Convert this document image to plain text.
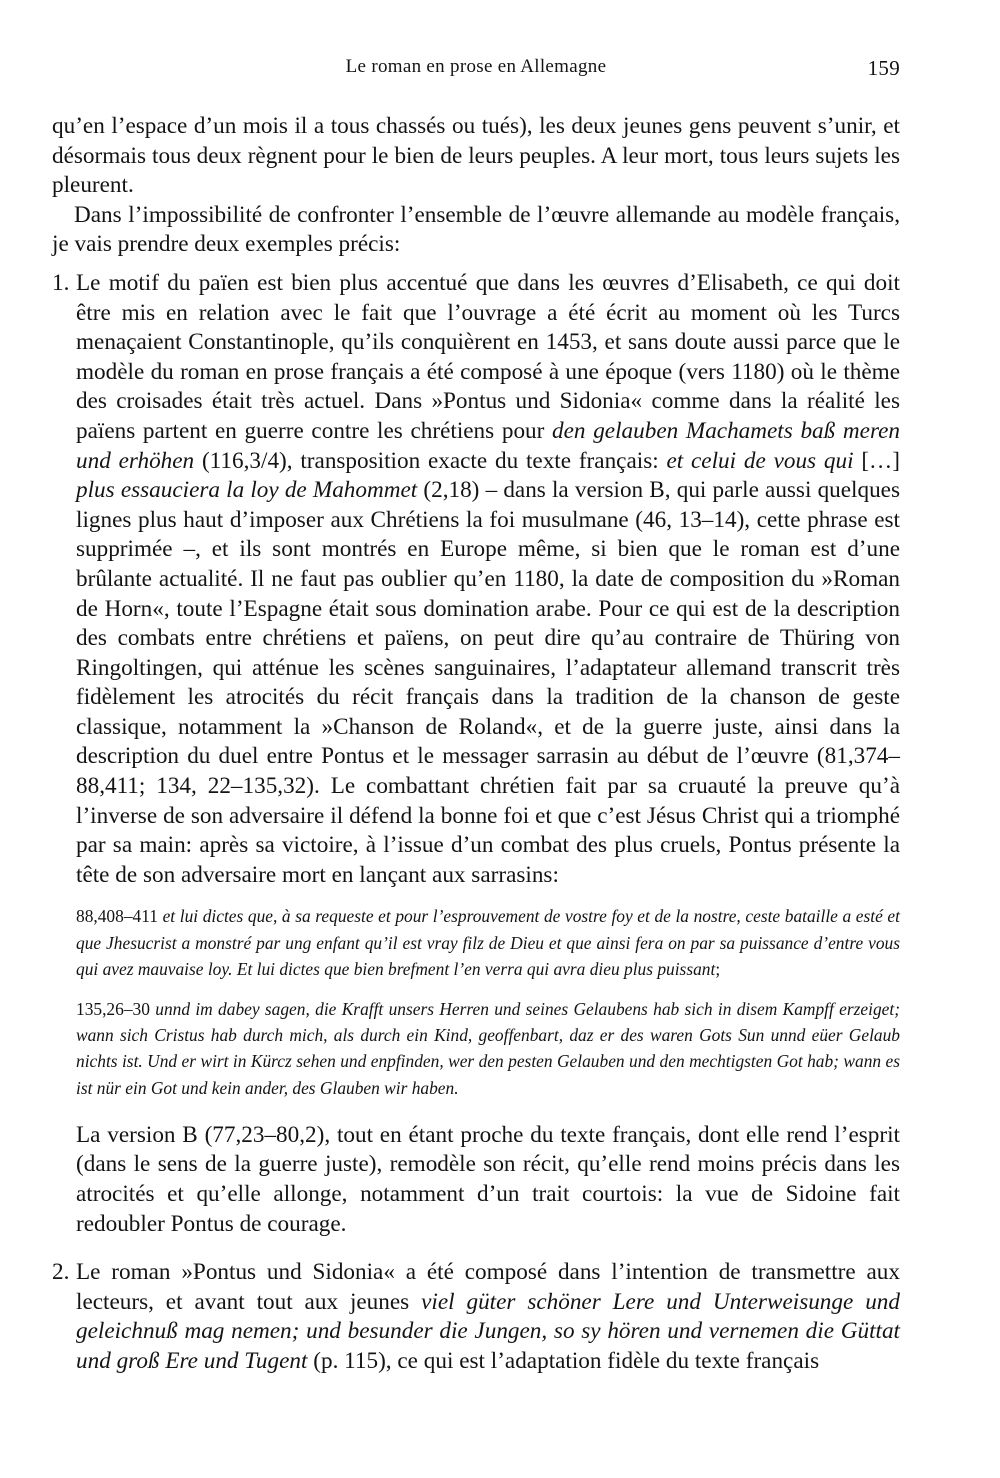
Le roman en prose en Allemagne	159

qu’en l’espace d’un mois il a tous chassés ou tués), les deux jeunes gens peuvent s’unir, et désormais tous deux règnent pour le bien de leurs peuples. A leur mort, tous leurs sujets les pleurent.

Dans l’impossibilité de confronter l’ensemble de l’œuvre allemande au modèle français, je vais prendre deux exemples précis:

1. Le motif du païen est bien plus accentué que dans les œuvres d’Elisabeth, ce qui doit être mis en relation avec le fait que l’ouvrage a été écrit au moment où les Turcs menaçaient Constantinople, qu’ils conquièrent en 1453, et sans doute aussi parce que le modèle du roman en prose français a été composé à une époque (vers 1180) où le thème des croisades était très actuel. Dans »Pontus und Sidonia« comme dans la réalité les païens partent en guerre contre les chrétiens pour den gelauben Machamets baß meren und erhöhen (116,3/4), transposition exacte du texte français: et celui de vous qui […] plus essauciera la loy de Mahommet (2,18) – dans la version B, qui parle aussi quelques lignes plus haut d’imposer aux Chrétiens la foi musulmane (46, 13–14), cette phrase est supprimée –, et ils sont montrés en Europe même, si bien que le roman est d’une brûlante actualité. Il ne faut pas oublier qu’en 1180, la date de composition du »Roman de Horn«, toute l’Espagne était sous domination arabe. Pour ce qui est de la description des combats entre chrétiens et païens, on peut dire qu’au contraire de Thüring von Ringoltingen, qui atténue les scènes sanguinaires, l’adaptateur allemand transcrit très fidèlement les atrocités du récit français dans la tradition de la chanson de geste classique, notamment la »Chanson de Roland«, et de la guerre juste, ainsi dans la description du duel entre Pontus et le messager sarrasin au début de l’œuvre (81,374–88,411; 134, 22–135,32). Le combattant chrétien fait par sa cruauté la preuve qu’à l’inverse de son adversaire il défend la bonne foi et que c’est Jésus Christ qui a triomphé par sa main: après sa victoire, à l’issue d’un combat des plus cruels, Pontus présente la tête de son adversaire mort en lançant aux sarrasins:

88,408–411 et lui dictes que, à sa requeste et pour l’esprouvement de vostre foy et de la nostre, ceste bataille a esté et que Jhesucrist a monstré par ung enfant qu’il est vray filz de Dieu et que ainsi fera on par sa puissance d’entre vous qui avez mauvaise loy. Et lui dictes que bien brefment l’en verra qui avra dieu plus puissant;
135,26–30 unnd im dabey sagen, die Krafft unsers Herren und seines Gelaubens hab sich in disem Kampff erzeiget; wann sich Cristus hab durch mich, als durch ein Kind, geoffenbart, daz er des waren Gots Sun unnd eüer Gelaub nichts ist. Und er wirt in Kürcz sehen und enpfinden, wer den pesten Gelauben und den mechtigsten Got hab; wann es ist nür ein Got und kein ander, des Glauben wir haben.

La version B (77,23–80,2), tout en étant proche du texte français, dont elle rend l’esprit (dans le sens de la guerre juste), remodèle son récit, qu’elle rend moins précis dans les atrocités et qu’elle allonge, notamment d’un trait courtois: la vue de Sidoine fait redoubler Pontus de courage.

2. Le roman »Pontus und Sidonia« a été composé dans l’intention de transmettre aux lecteurs, et avant tout aux jeunes viel güter schöner Lere und Unterweisunge und geleichnuß mag nemen; und besunder die Jungen, so sy hören und vernemen die Güttat und groß Ere und Tugent (p. 115), ce qui est l’adaptation fidèle du texte français
